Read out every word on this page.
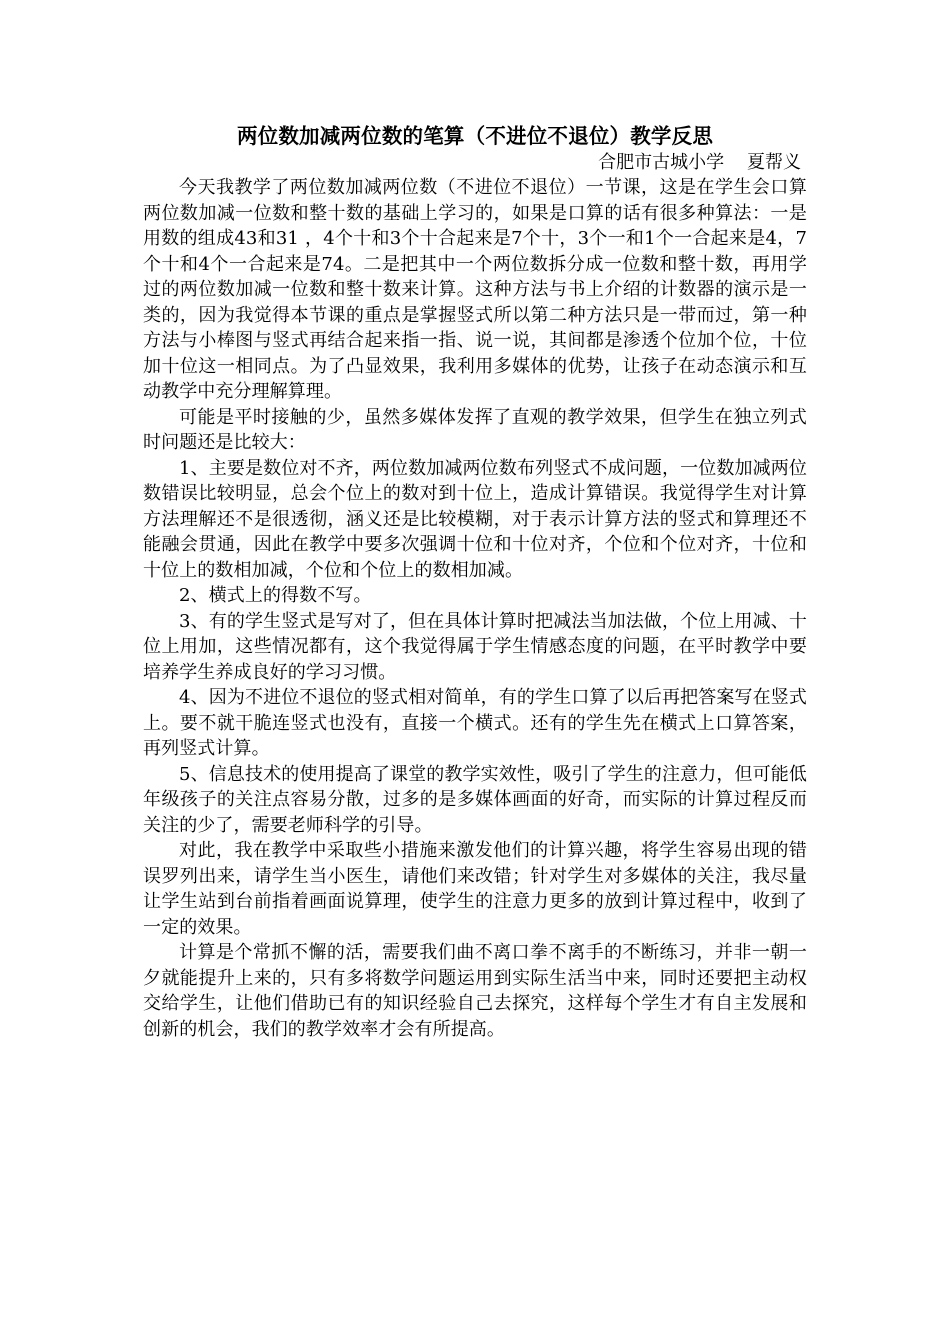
两位数加减两位数的笔算（不进位不退位）教学反思

合肥市古城小学    夏帮义

今天我教学了两位数加减两位数（不进位不退位）一节课，这是在学生会口算两位数加减一位数和整十数的基础上学习的，如果是口算的话有很多种算法：一是用数的组成43和31 ，4个十和3个十合起来是7个十，3个一和1个一合起来是4，7个十和4个一合起来是74。二是把其中一个两位数拆分成一位数和整十数，再用学过的两位数加减一位数和整十数来计算。这种方法与书上介绍的计数器的演示是一类的，因为我觉得本节课的重点是掌握竖式所以第二种方法只是一带而过，第一种方法与小棒图与竖式再结合起来指一指、说一说，其间都是渗透个位加个位，十位加十位这一相同点。为了凸显效果，我利用多媒体的优势，让孩子在动态演示和互动教学中充分理解算理。

可能是平时接触的少，虽然多媒体发挥了直观的教学效果，但学生在独立列式时问题还是比较大：

1、主要是数位对不齐，两位数加减两位数布列竖式不成问题，一位数加减两位数错误比较明显，总会个位上的数对到十位上，造成计算错误。我觉得学生对计算方法理解还不是很透彻，涵义还是比较模糊，对于表示计算方法的竖式和算理还不能融会贯通，因此在教学中要多次强调十位和十位对齐，个位和个位对齐，十位和十位上的数相加减，个位和个位上的数相加减。

2、横式上的得数不写。

3、有的学生竖式是写对了，但在具体计算时把减法当加法做，个位上用减、十位上用加，这些情况都有，这个我觉得属于学生情感态度的问题，在平时教学中要培养学生养成良好的学习习惯。

4、因为不进位不退位的竖式相对简单，有的学生口算了以后再把答案写在竖式上。要不就干脆连竖式也没有，直接一个横式。还有的学生先在横式上口算答案，再列竖式计算。

5、信息技术的使用提高了课堂的教学实效性，吸引了学生的注意力，但可能低年级孩子的关注点容易分散，过多的是多媒体画面的好奇，而实际的计算过程反而关注的少了，需要老师科学的引导。

对此，我在教学中采取些小措施来激发他们的计算兴趣，将学生容易出现的错误罗列出来，请学生当小医生，请他们来改错；针对学生对多媒体的关注，我尽量让学生站到台前指着画面说算理，使学生的注意力更多的放到计算过程中，收到了一定的效果。

计算是个常抓不懈的活，需要我们曲不离口拳不离手的不断练习，并非一朝一夕就能提升上来的，只有多将数学问题运用到实际生活当中来，同时还要把主动权交给学生，让他们借助已有的知识经验自己去探究，这样每个学生才有自主发展和创新的机会，我们的教学效率才会有所提高。
